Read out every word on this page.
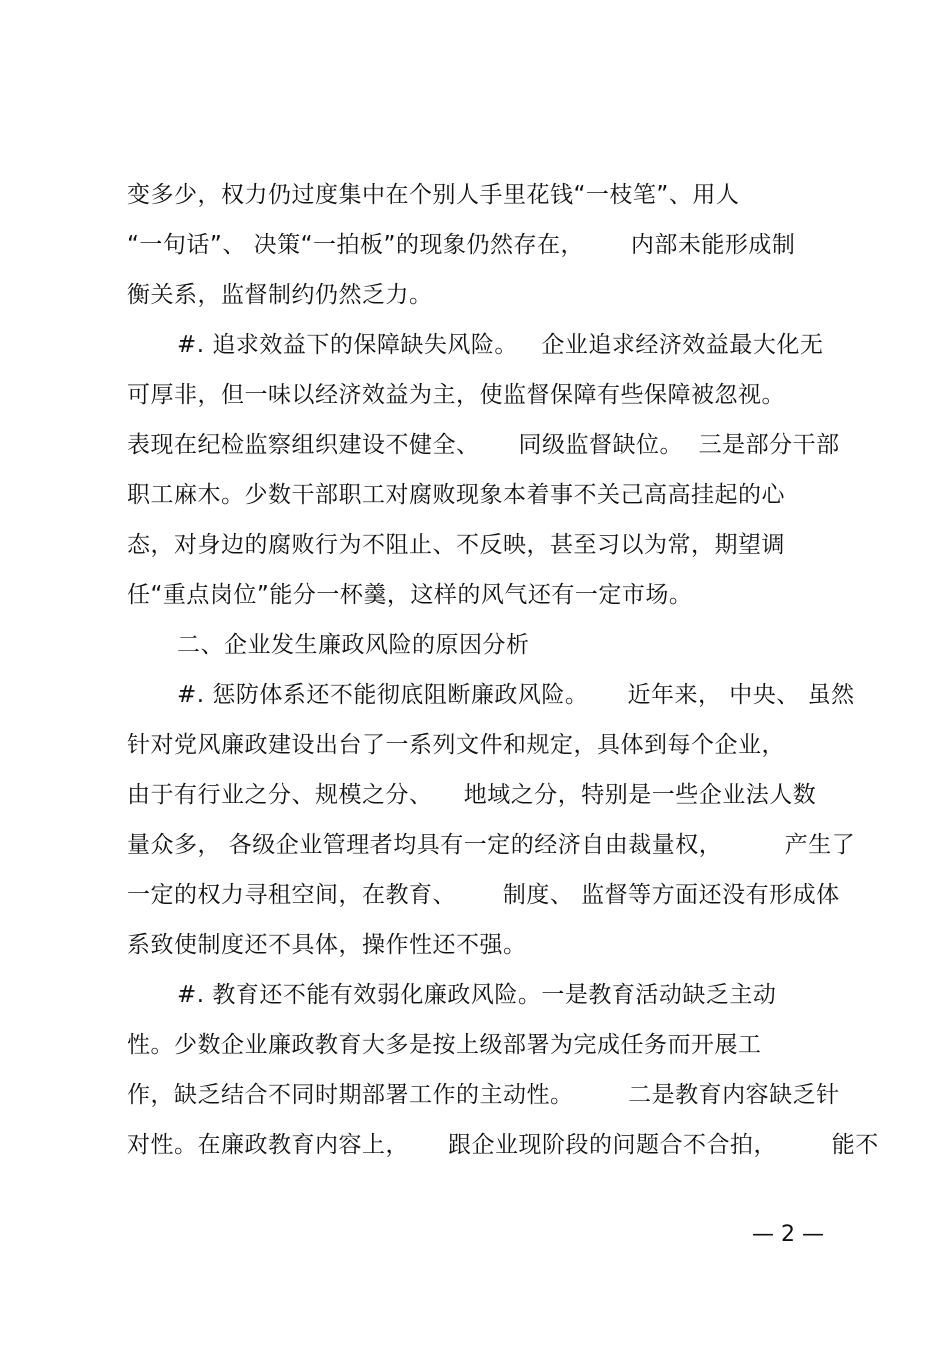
变多少，权力仍过度集中在个别人手里花钱“一枝笔”、用人
“一句话”、 决策“一拍板”的现象仍然存在，      内部未能形成制
衡关系，监督制约仍然乏力。
#. 追求效益下的保障缺失风险。   企业追求经济效益最大化无
可厚非，但一味以经济效益为主，使监督保障有些保障被忽视。
表现在纪检监察组织建设不健全、     同级监督缺位。  三是部分干部
职工麻木。少数干部职工对腐败现象本着事不关己高高挂起的心
态，对身边的腐败行为不阻止、不反映，甚至习以为常，期望调
任“重点岗位”能分一杯羹，这样的风气还有一定市场。
二、企业发生廉政风险的原因分析
#. 惩防体系还不能彻底阻断廉政风险。     近年来， 中央、 虽然
针对党风廉政建设出台了一系列文件和规定，具体到每个企业，
由于有行业之分、规模之分、    地域之分，特别是一些企业法人数
量众多， 各级企业管理者均具有一定的经济自由裁量权，        产生了
一定的权力寻租空间，在教育、      制度、 监督等方面还没有形成体
系致使制度还不具体，操作性还不强。
#. 教育还不能有效弱化廉政风险。一是教育活动缺乏主动
性。少数企业廉政教育大多是按上级部署为完成任务而开展工
作，缺乏结合不同时期部署工作的主动性。       二是教育内容缺乏针
对性。在廉政教育内容上，     跟企业现阶段的问题合不合拍，       能不
— 2 —
